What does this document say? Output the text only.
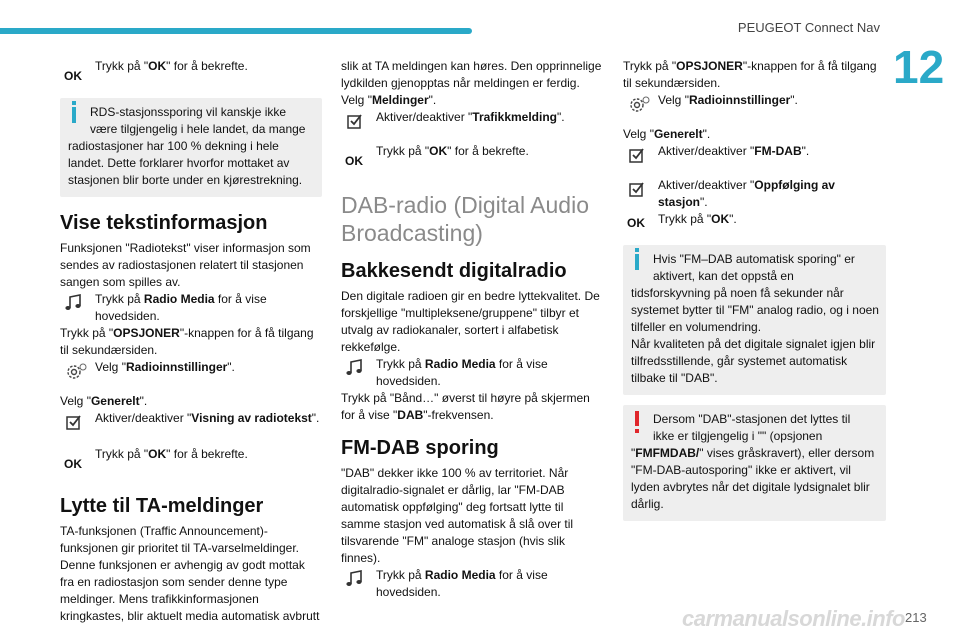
PEUGEOT Connect Nav
12
OK
Trykk på "OK" for å bekrefte.
RDS-stasjonssporing vil kanskje ikke
være tilgjengelig i hele landet, da mange
radiostasjoner har 100 % dekning i hele
landet. Dette forklarer hvorfor mottaket av
stasjonen blir borte under en kjørestrekning.
Vise tekstinformasjon

Funksjonen "Radiotekst" viser informasjon som sendes av radiostasjonen relatert til stasjonen sangen som spilles av.

Trykk på Radio Media for å vise hovedsiden.

Trykk på "OPSJONER"-knappen for å få tilgang til sekundærsiden.

Velg "Radioinnstillinger".

Velg "Generelt".

Aktiver/deaktiver "Visning av radiotekst".
OK
Trykk på "OK" for å bekrefte.
Lytte til TA-meldinger

TA-funksjonen (Traffic Announcement)-funksjonen gir prioritet til TA-varselmeldinger. Denne funksjonen er avhengig av godt mottak fra en radiostasjon som sender denne type meldinger. Mens trafikkinformasjonen kringkastes, blir aktuelt media automatisk avbrutt

slik at TA meldingen kan høres. Den opprinnelige lydkilden gjenopptas når meldingen er ferdig.

Velg "Meldinger".

Aktiver/deaktiver "Trafikkmelding".
OK
Trykk på "OK" for å bekrefte.
DAB-radio (Digital Audio Broadcasting)
Bakkesendt digitalradio

Den digitale radioen gir en bedre lyttekvalitet. De forskjellige "multipleksene/gruppene" tilbyr et utvalg av radiokanaler, sortert i alfabetisk rekkefølge.

Trykk på Radio Media for å vise hovedsiden.

Trykk på "Bånd…" øverst til høyre på skjermen for å vise "DAB"-frekvensen.

FM-DAB sporing

"DAB" dekker ikke 100 % av territoriet. Når digitalradio-signalet er dårlig, lar "FM-DAB automatisk oppfølging" deg fortsatt lytte til samme stasjon ved automatisk å slå over til tilsvarende "FM" analoge stasjon (hvis slik finnes).

Trykk på Radio Media for å vise hovedsiden.

Trykk på "OPSJONER"-knappen for å få tilgang til sekundærsiden.

Velg "Radioinnstillinger".

Velg "Generelt".

Aktiver/deaktiver "FM-DAB".
Aktiver/deaktiver "Oppfølging av stasjon".
OK	Trykk på "OK".
Hvis "FM–DAB automatisk sporing" er
aktivert, kan det oppstå en
tidsforskyvning på noen få sekunder når systemet bytter til "FM" analog radio, og i noen tilfeller en volumendring.
Når kvaliteten på det digitale signalet igjen blir tilfredsstillende, går systemet automatisk tilbake til "DAB".
Dersom "DAB"-stasjonen det lyttes til
ikke er tilgjengelig i "" (opsjonen
"FMFMDAB/" vises gråskravert), eller dersom "FM-DAB-autosporing" ikke er aktivert, vil lyden avbrytes når det digitale lydsignalet blir dårlig.
carmanualsonline.info 213
